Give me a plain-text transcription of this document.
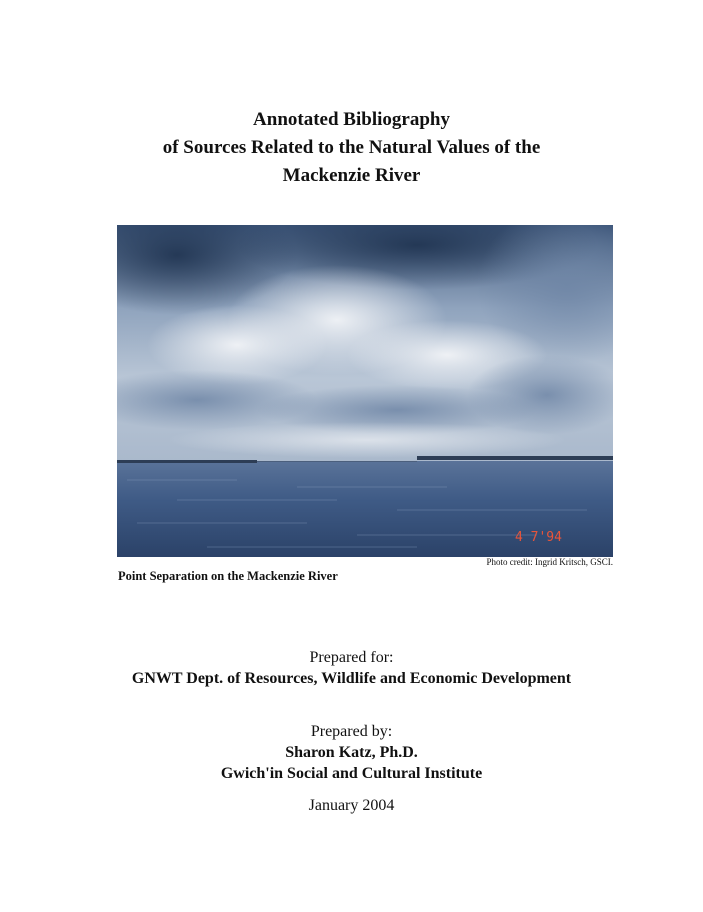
Annotated Bibliography
of Sources Related to the Natural Values of the
Mackenzie River
4 7'94
Photo credit: Ingrid Kritsch, GSCI.
Point Separation on the Mackenzie River
Prepared for:
GNWT Dept. of Resources, Wildlife and Economic Development
Prepared by:
Sharon Katz, Ph.D.
Gwich'in Social and Cultural Institute
January 2004
